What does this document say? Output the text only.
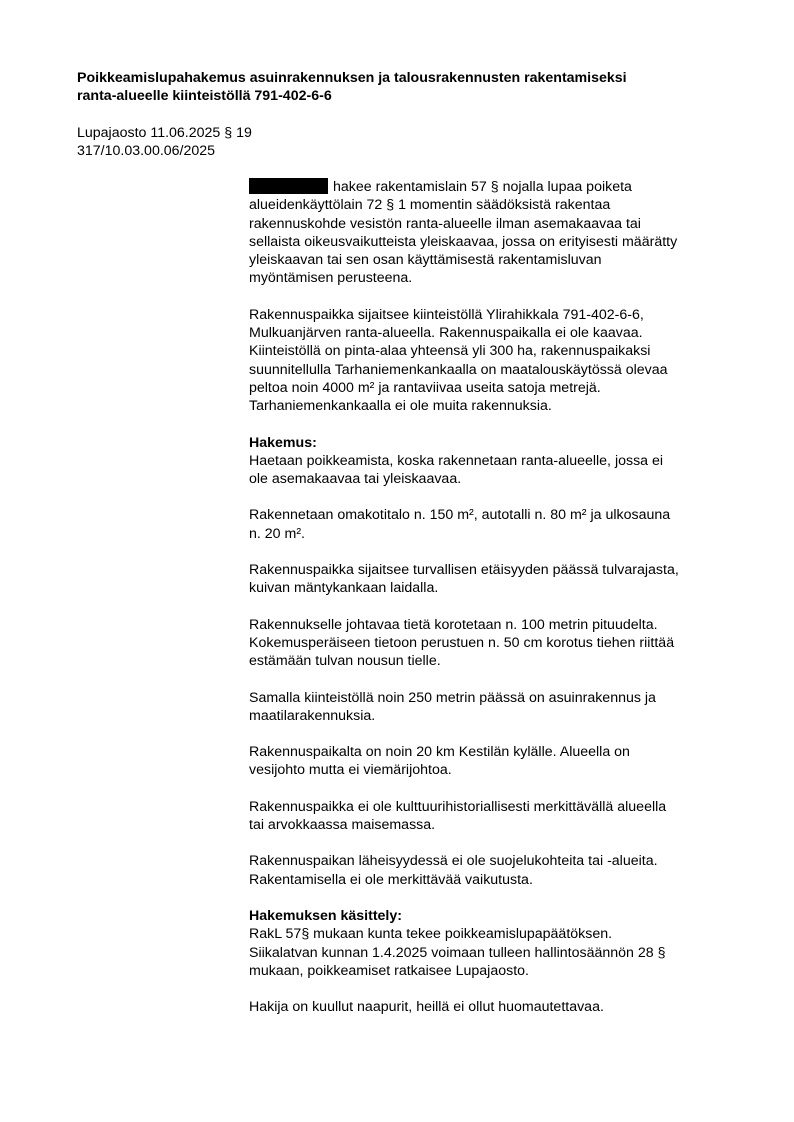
Poikkeamislupahakemus asuinrakennuksen ja talousrakennusten rakentamiseksi
ranta-alueelle kiinteistöllä 791-402-6-6
Lupajaosto 11.06.2025 § 19
317/10.03.00.06/2025
hakee rakentamislain 57 § nojalla lupaa poiketa
alueidenkäyttölain 72 § 1 momentin säädöksistä rakentaa
rakennuskohde vesistön ranta-alueelle ilman asemakaavaa tai
sellaista oikeusvaikutteista yleiskaavaa, jossa on erityisesti määrätty
yleiskaavan tai sen osan käyttämisestä rakentamisluvan
myöntämisen perusteena.
Rakennuspaikka sijaitsee kiinteistöllä Ylirahikkala 791-402-6-6,
Mulkuanjärven ranta-alueella. Rakennuspaikalla ei ole kaavaa.
Kiinteistöllä on pinta-alaa yhteensä yli 300 ha, rakennuspaikaksi
suunnitellulla Tarhaniemenkankaalla on maatalouskäytössä olevaa
peltoa noin 4000 m² ja rantaviivaa useita satoja metrejä.
Tarhaniemenkankaalla ei ole muita rakennuksia.
Hakemus:
Haetaan poikkeamista, koska rakennetaan ranta-alueelle, jossa ei
ole asemakaavaa tai yleiskaavaa.
Rakennetaan omakotitalo n. 150 m², autotalli n. 80 m² ja ulkosauna
n. 20 m².
Rakennuspaikka sijaitsee turvallisen etäisyyden päässä tulvarajasta,
kuivan mäntykankaan laidalla.
Rakennukselle johtavaa tietä korotetaan n. 100 metrin pituudelta.
Kokemusperäiseen tietoon perustuen n. 50 cm korotus tiehen riittää
estämään tulvan nousun tielle.
Samalla kiinteistöllä noin 250 metrin päässä on asuinrakennus ja
maatilarakennuksia.
Rakennuspaikalta on noin 20 km Kestilän kylälle. Alueella on
vesijohto mutta ei viemärijohtoa.
Rakennuspaikka ei ole kulttuurihistoriallisesti merkittävällä alueella
tai arvokkaassa maisemassa.
Rakennuspaikan läheisyydessä ei ole suojelukohteita tai -alueita.
Rakentamisella ei ole merkittävää vaikutusta.
Hakemuksen käsittely:
RakL 57§ mukaan kunta tekee poikkeamislupapäätöksen.
Siikalatvan kunnan 1.4.2025 voimaan tulleen hallintosäännön 28 §
mukaan, poikkeamiset ratkaisee Lupajaosto.
Hakija on kuullut naapurit, heillä ei ollut huomautettavaa.
